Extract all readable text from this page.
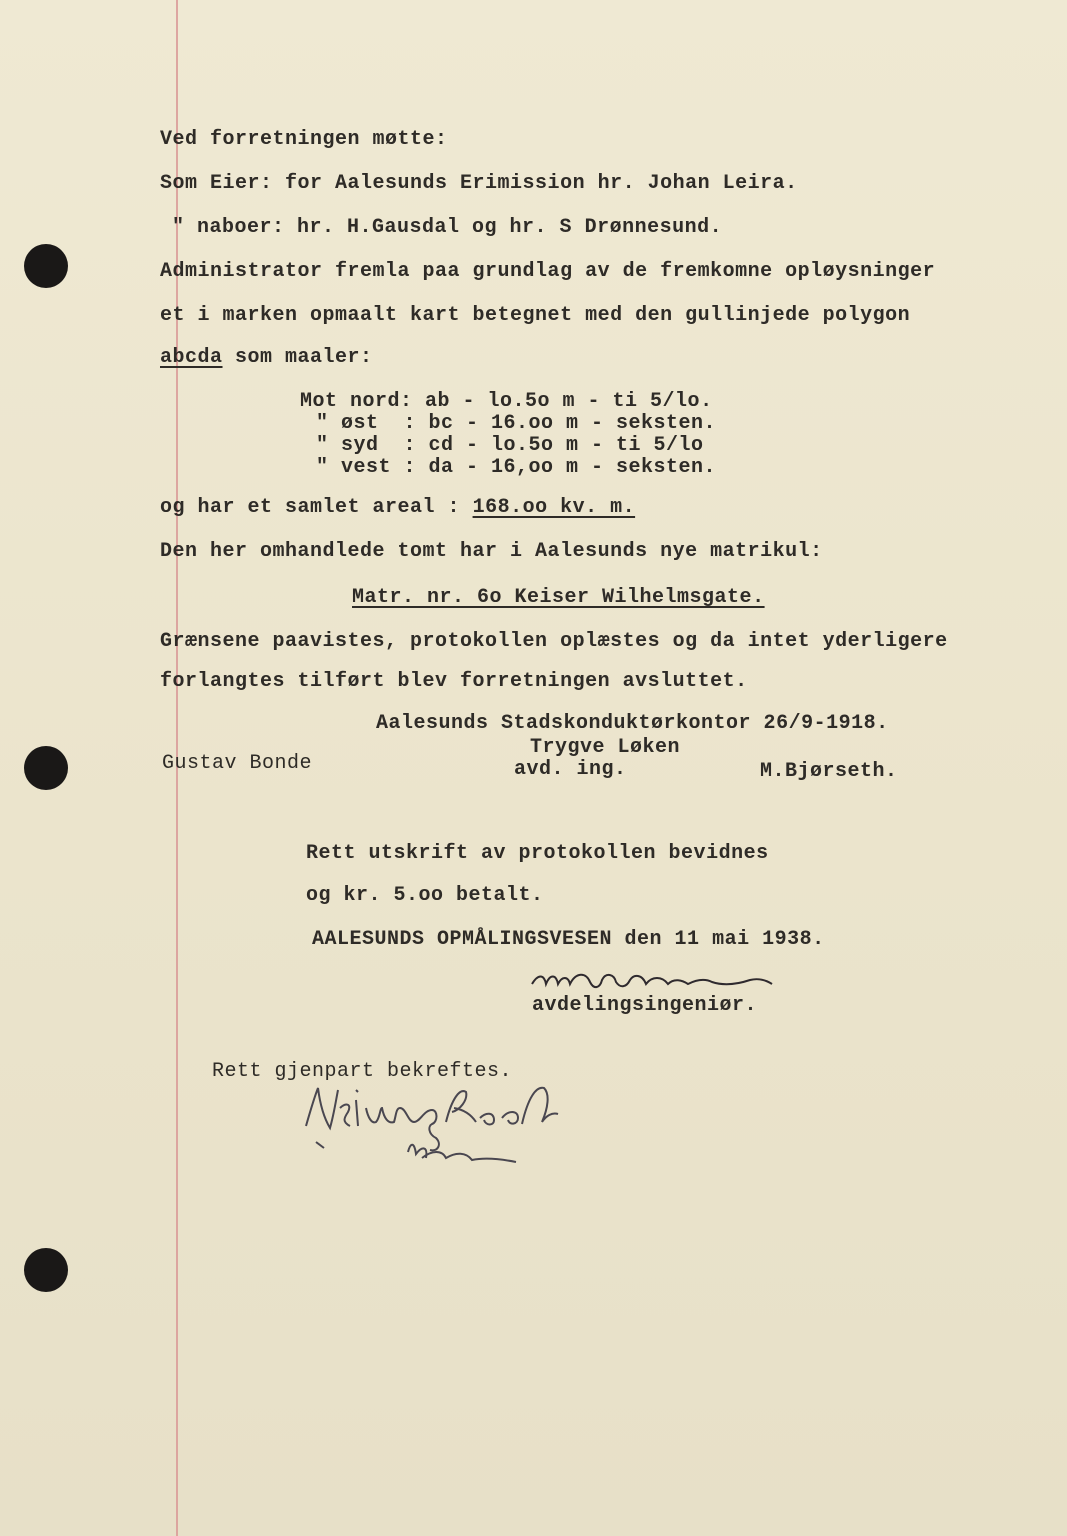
Ved forretningen møtte:
Som Eier: for Aalesunds Erimission hr. Johan Leira.
" naboer: hr. H.Gausdal og hr. S Drønnesund.
Administrator fremla paa grundlag av de fremkomne opløysninger
et i marken opmaalt kart betegnet med den gullinjede polygon
abcda som maaler:
Mot nord: ab - lo.5o m - ti 5/lo.
" øst  : bc - 16.oo m - seksten.
" syd  : cd - lo.5o m - ti 5/lo
" vest : da - 16,oo m - seksten.
og har et samlet areal : 168.oo kv. m.
Den her omhandlede tomt har i Aalesunds nye matrikul:
Matr. nr. 6o Keiser Wilhelmsgate.
Grænsene paavistes, protokollen oplæstes og da intet yderligere
forlangtes tilført blev forretningen avsluttet.
Aalesunds Stadskonduktørkontor 26/9-1918.
Trygve Løken
Gustav Bonde	avd. ing.	M.Bjørseth.
Rett utskrift av protokollen bevidnes
og kr. 5.oo betalt.
AALESUNDS OPMÅLINGSVESEN den 11 mai 1938.
avdelingsingeniør.
Rett gjenpart bekreftes.
